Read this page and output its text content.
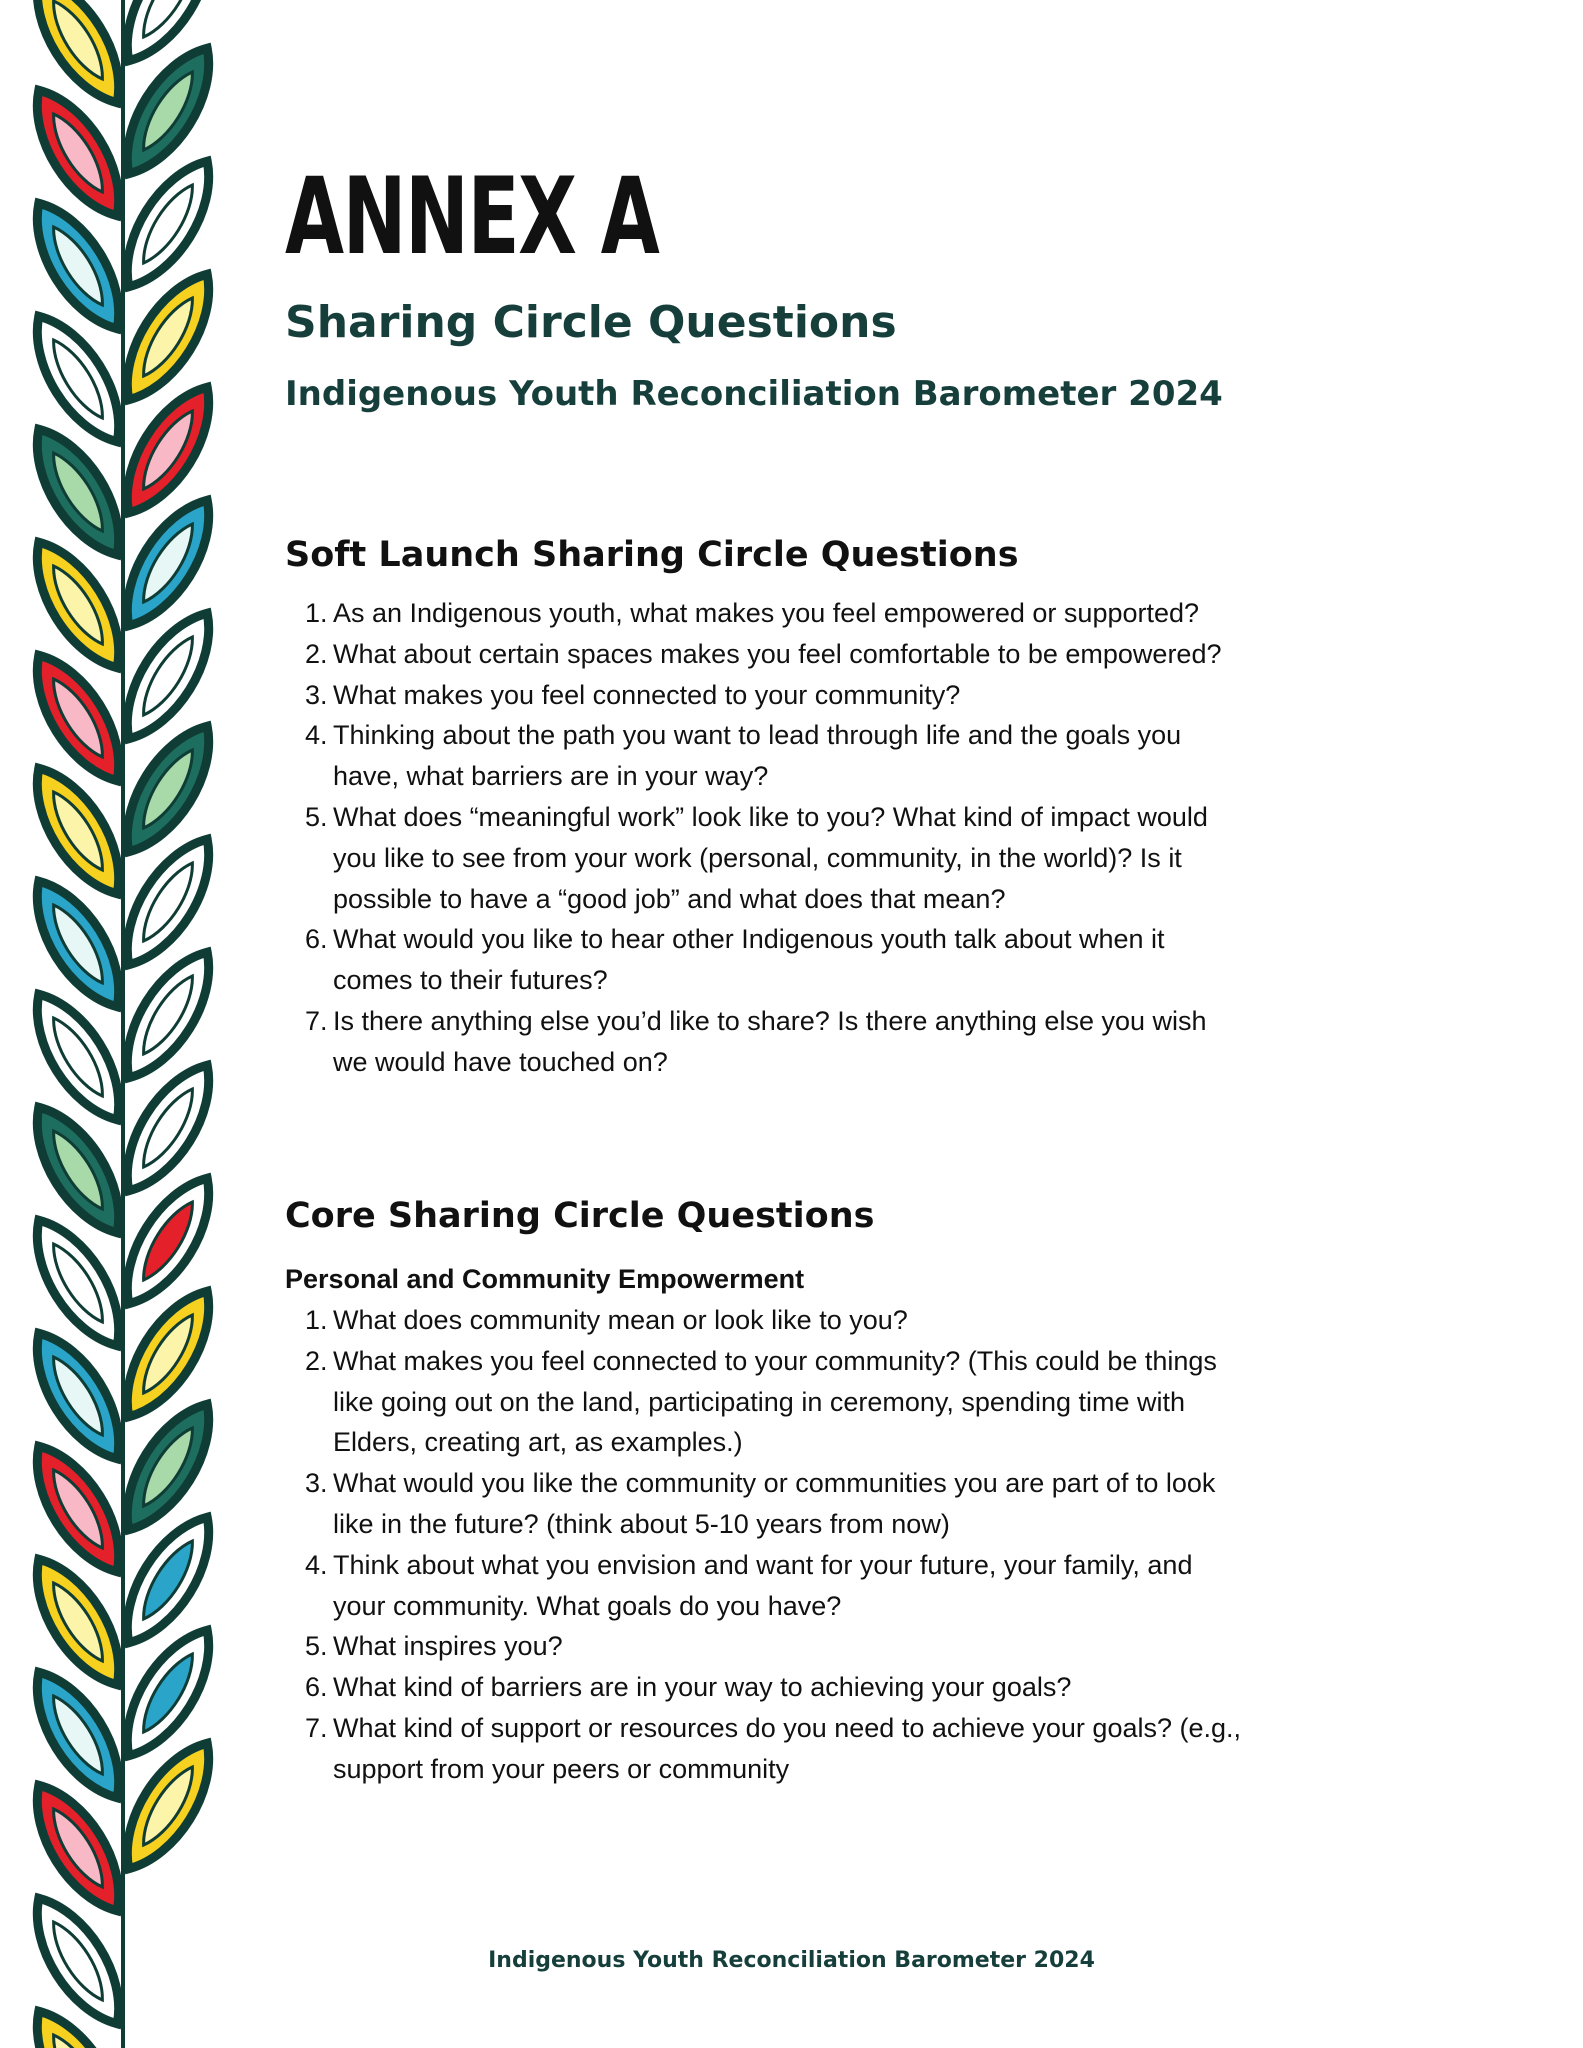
ANNEX A
Sharing Circle Questions
Indigenous Youth Reconciliation Barometer 2024
Soft Launch Sharing Circle Questions
1. As an Indigenous youth, what makes you feel empowered or supported?
2. What about certain spaces makes you feel comfortable to be empowered?
3. What makes you feel connected to your community?
4. Thinking about the path you want to lead through life and the goals you have, what barriers are in your way?
5. What does “meaningful work” look like to you? What kind of impact would you like to see from your work (personal, community, in the world)? Is it possible to have a “good job” and what does that mean?
6. What would you like to hear other Indigenous youth talk about when it comes to their futures?
7. Is there anything else you’d like to share? Is there anything else you wish we would have touched on?
Core Sharing Circle Questions
Personal and Community Empowerment
1. What does community mean or look like to you?
2. What makes you feel connected to your community? (This could be things like going out on the land, participating in ceremony, spending time with Elders, creating art, as examples.)
3. What would you like the community or communities you are part of to look like in the future? (think about 5-10 years from now)
4. Think about what you envision and want for your future, your family, and your community. What goals do you have?
5. What inspires you?
6. What kind of barriers are in your way to achieving your goals?
7. What kind of support or resources do you need to achieve your goals? (e.g., support from your peers or community
Indigenous Youth Reconciliation Barometer 2024
